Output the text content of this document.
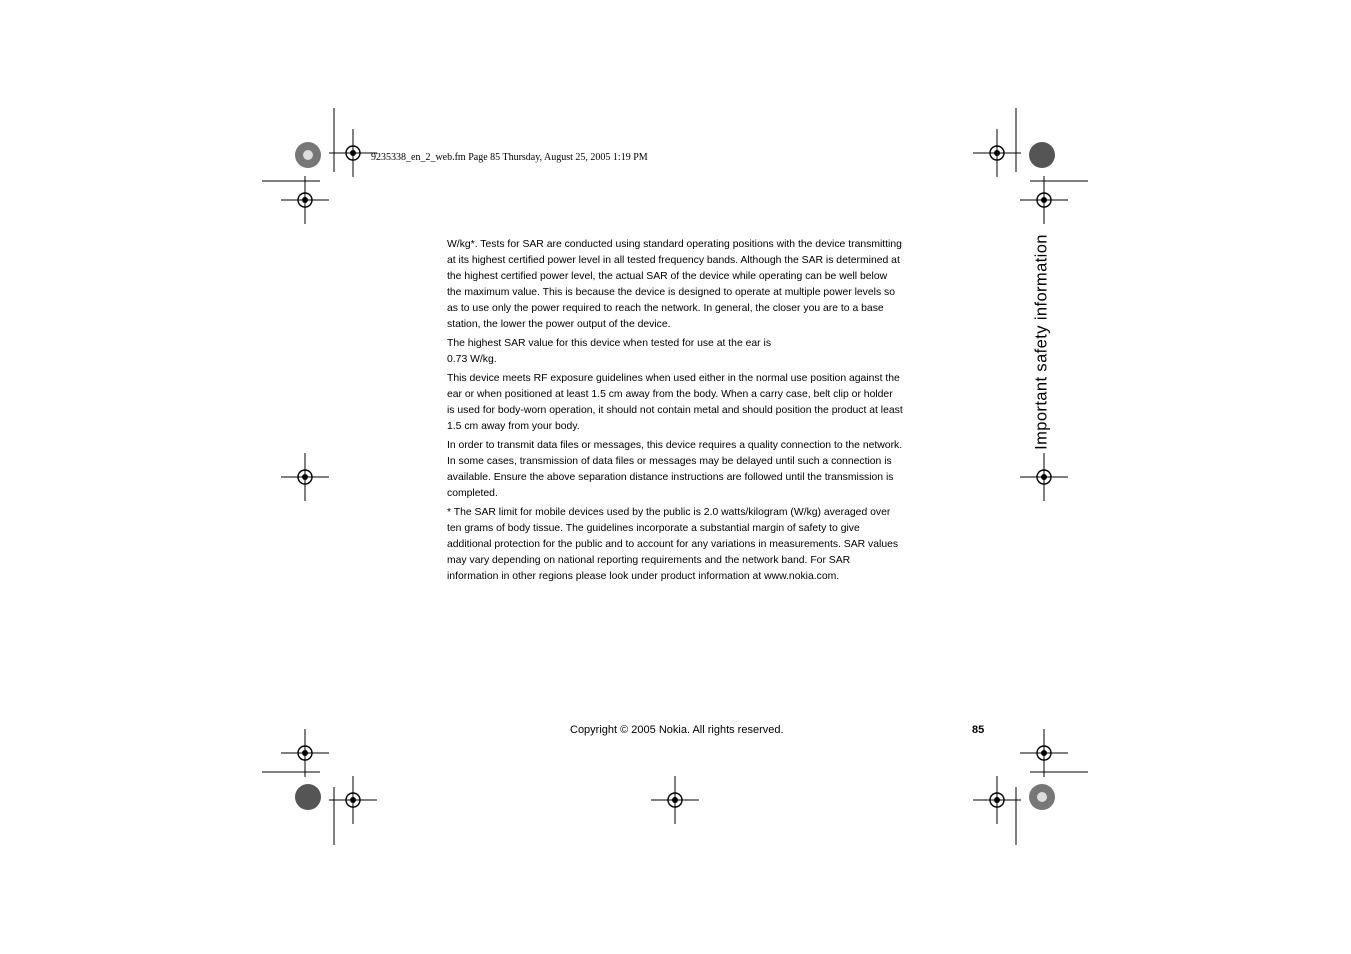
9235338_en_2_web.fm Page 85 Thursday, August 25, 2005 1:19 PM

W/kg*. Tests for SAR are conducted using standard operating positions with the device transmitting at its highest certified power level in all tested frequency bands. Although the SAR is determined at the highest certified power level, the actual SAR of the device while operating can be well below the maximum value. This is because the device is designed to operate at multiple power levels so as to use only the power required to reach the network. In general, the closer you are to a base station, the lower the power output of the device.

The highest SAR value for this device when tested for use at the ear is

0.73 W/kg.

This device meets RF exposure guidelines when used either in the normal use position against the ear or when positioned at least 1.5 cm away from the body. When a carry case, belt clip or holder is used for body-worn operation, it should not contain metal and should position the product at least 1.5 cm away from your body.

In order to transmit data files or messages, this device requires a quality connection to the network. In some cases, transmission of data files or messages may be delayed until such a connection is available. Ensure the above separation distance instructions are followed until the transmission is completed.

* The SAR limit for mobile devices used by the public is 2.0 watts/kilogram (W/kg) averaged over ten grams of body tissue. The guidelines incorporate a substantial margin of safety to give additional protection for the public and to account for any variations in measurements. SAR values may vary depending on national reporting requirements and the network band. For SAR information in other regions please look under product information at www.nokia.com.

Important safety information
Copyright © 2005 Nokia. All rights reserved.	85
